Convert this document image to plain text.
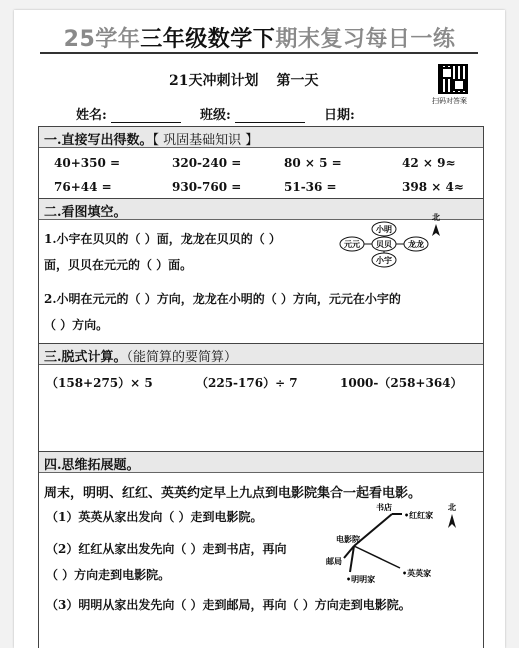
25学年三年级数学下期末复习每日一练
21天冲刺计划 第一天
扫码对答案
姓名:	班级:	日期:
一.直接写出得数。【 巩固基础知识 】
40+350 =	320-240 =	80 × 5 =	42 × 9≈
76+44 =	930-760 =	51-36 =	398 × 4≈
二.看图填空。
1.小宇在贝贝的（ ）面，龙龙在贝贝的（ ）
面，贝贝在元元的（ ）面。
2.小明在元元的（ ）方向，龙龙在小明的（ ）方向，元元在小宇的
（ ）方向。
贝贝
小明
元元	龙龙
小宇
北
三.脱式计算。（能简算的要简算）
（158+275）× 5	（225-176）÷ 7	1000-（258+364）
四.思维拓展题。
周末，明明、红红、英英约定早上九点到电影院集合一起看电影。
（1）英英从家出发向（ ）走到电影院。
（2）红红从家出发先向（ ）走到书店，再向
（ ）方向走到电影院。
（3）明明从家出发先向（ ）走到邮局，再向（ ）方向走到电影院。
书店
•红红家
电影院
邮局
•明明家
•英英家
北
